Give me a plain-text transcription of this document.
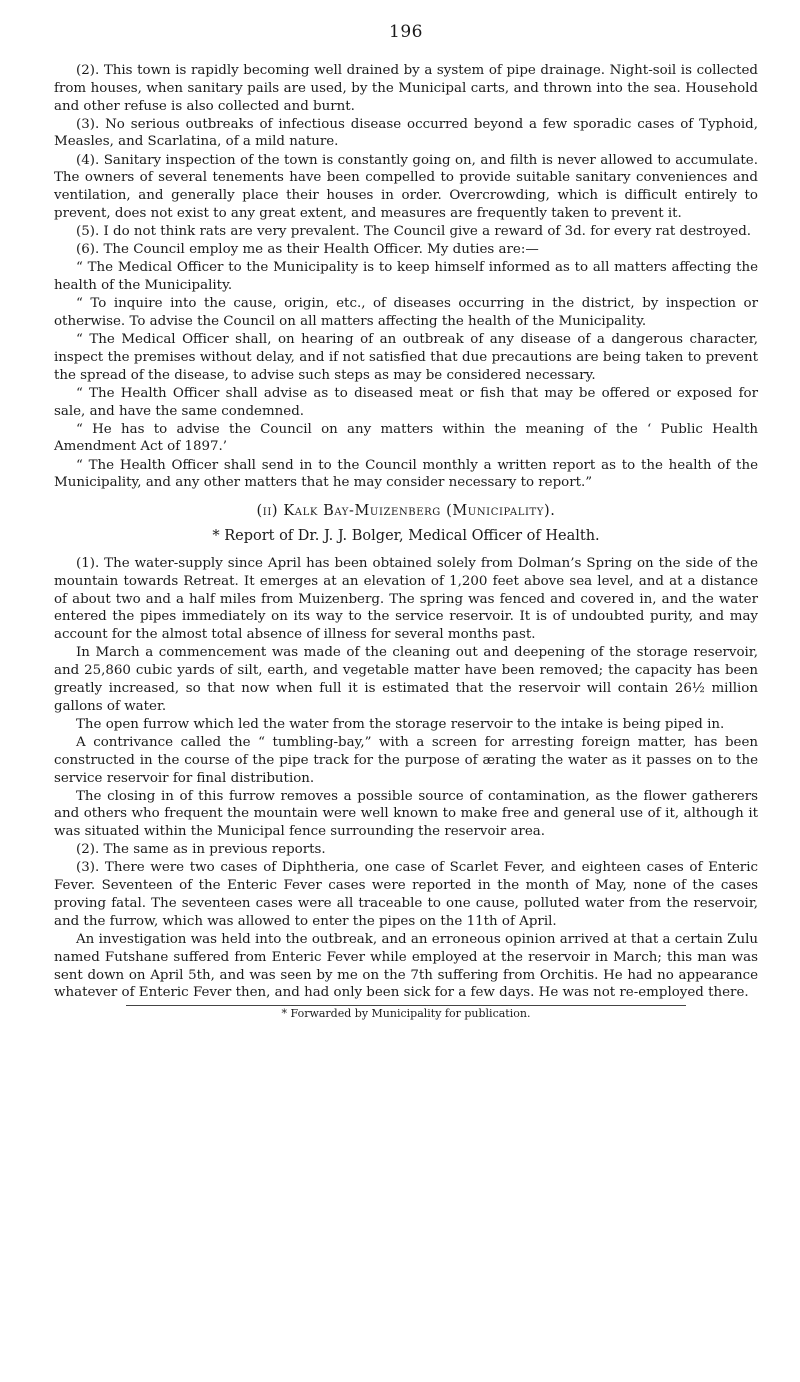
196

(2). This town is rapidly becoming well drained by a system of pipe drainage. Night-soil is collected from houses, when sanitary pails are used, by the Municipal carts, and thrown into the sea. Household and other refuse is also collected and burnt.

(3). No serious outbreaks of infectious disease occurred beyond a few sporadic cases of Typhoid, Measles, and Scarlatina, of a mild nature.

(4). Sanitary inspection of the town is constantly going on, and filth is never allowed to accumulate. The owners of several tenements have been compelled to provide suitable sanitary conveniences and ventilation, and generally place their houses in order. Overcrowding, which is difficult entirely to prevent, does not exist to any great extent, and measures are frequently taken to prevent it.

(5). I do not think rats are very prevalent. The Council give a reward of 3d. for every rat destroyed.

(6). The Council employ me as their Health Officer. My duties are:—

“ The Medical Officer to the Municipality is to keep himself informed as to all matters affecting the health of the Municipality.

“ To inquire into the cause, origin, etc., of diseases occurring in the district, by inspection or otherwise. To advise the Council on all matters affecting the health of the Municipality.

“ The Medical Officer shall, on hearing of an outbreak of any disease of a dangerous character, inspect the premises without delay, and if not satisfied that due precautions are being taken to prevent the spread of the disease, to advise such steps as may be considered necessary.

“ The Health Officer shall advise as to diseased meat or fish that may be offered or exposed for sale, and have the same condemned.

“ He has to advise the Council on any matters within the meaning of the ‘ Public Health Amendment Act of 1897.’

“ The Health Officer shall send in to the Council monthly a written report as to the health of the Municipality, and any other matters that he may consider necessary to report.”

(ii) Kalk Bay-Muizenberg (Municipality).
* Report of Dr. J. J. Bolger, Medical Officer of Health.

(1). The water-supply since April has been obtained solely from Dolman’s Spring on the side of the mountain towards Retreat. It emerges at an elevation of 1,200 feet above sea level, and at a distance of about two and a half miles from Muizenberg. The spring was fenced and covered in, and the water entered the pipes immediately on its way to the service reservoir. It is of undoubted purity, and may account for the almost total absence of illness for several months past.

In March a commencement was made of the cleaning out and deepening of the storage reservoir, and 25,860 cubic yards of silt, earth, and vegetable matter have been removed; the capacity has been greatly increased, so that now when full it is estimated that the reservoir will contain 26½ million gallons of water.

The open furrow which led the water from the storage reservoir to the intake is being piped in.

A contrivance called the “ tumbling-bay,” with a screen for arresting foreign matter, has been constructed in the course of the pipe track for the purpose of ærating the water as it passes on to the service reservoir for final distribution.

The closing in of this furrow removes a possible source of contamination, as the flower gatherers and others who frequent the mountain were well known to make free and general use of it, although it was situated within the Municipal fence surrounding the reservoir area.

(2). The same as in previous reports.

(3). There were two cases of Diphtheria, one case of Scarlet Fever, and eighteen cases of Enteric Fever. Seventeen of the Enteric Fever cases were reported in the month of May, none of the cases proving fatal. The seventeen cases were all traceable to one cause, polluted water from the reservoir, and the furrow, which was allowed to enter the pipes on the 11th of April.

An investigation was held into the outbreak, and an erroneous opinion arrived at that a certain Zulu named Futshane suffered from Enteric Fever while employed at the reservoir in March; this man was sent down on April 5th, and was seen by me on the 7th suffering from Orchitis. He had no appearance whatever of Enteric Fever then, and had only been sick for a few days. He was not re-employed there.

* Forwarded by Municipality for publication.
